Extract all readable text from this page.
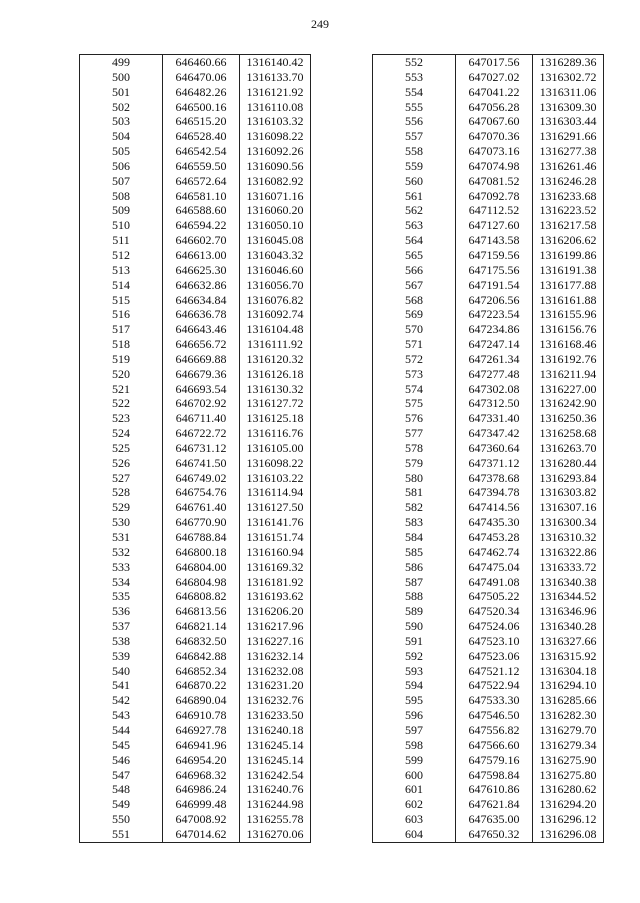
249
499	646460.66	1316140.42
500	646470.06	1316133.70
501	646482.26	1316121.92
502	646500.16	1316110.08
503	646515.20	1316103.32
504	646528.40	1316098.22
505	646542.54	1316092.26
506	646559.50	1316090.56
507	646572.64	1316082.92
508	646581.10	1316071.16
509	646588.60	1316060.20
510	646594.22	1316050.10
511	646602.70	1316045.08
512	646613.00	1316043.32
513	646625.30	1316046.60
514	646632.86	1316056.70
515	646634.84	1316076.82
516	646636.78	1316092.74
517	646643.46	1316104.48
518	646656.72	1316111.92
519	646669.88	1316120.32
520	646679.36	1316126.18
521	646693.54	1316130.32
522	646702.92	1316127.72
523	646711.40	1316125.18
524	646722.72	1316116.76
525	646731.12	1316105.00
526	646741.50	1316098.22
527	646749.02	1316103.22
528	646754.76	1316114.94
529	646761.40	1316127.50
530	646770.90	1316141.76
531	646788.84	1316151.74
532	646800.18	1316160.94
533	646804.00	1316169.32
534	646804.98	1316181.92
535	646808.82	1316193.62
536	646813.56	1316206.20
537	646821.14	1316217.96
538	646832.50	1316227.16
539	646842.88	1316232.14
540	646852.34	1316232.08
541	646870.22	1316231.20
542	646890.04	1316232.76
543	646910.78	1316233.50
544	646927.78	1316240.18
545	646941.96	1316245.14
546	646954.20	1316245.14
547	646968.32	1316242.54
548	646986.24	1316240.76
549	646999.48	1316244.98
550	647008.92	1316255.78
551	647014.62	1316270.06
552	647017.56	1316289.36
553	647027.02	1316302.72
554	647041.22	1316311.06
555	647056.28	1316309.30
556	647067.60	1316303.44
557	647070.36	1316291.66
558	647073.16	1316277.38
559	647074.98	1316261.46
560	647081.52	1316246.28
561	647092.78	1316233.68
562	647112.52	1316223.52
563	647127.60	1316217.58
564	647143.58	1316206.62
565	647159.56	1316199.86
566	647175.56	1316191.38
567	647191.54	1316177.88
568	647206.56	1316161.88
569	647223.54	1316155.96
570	647234.86	1316156.76
571	647247.14	1316168.46
572	647261.34	1316192.76
573	647277.48	1316211.94
574	647302.08	1316227.00
575	647312.50	1316242.90
576	647331.40	1316250.36
577	647347.42	1316258.68
578	647360.64	1316263.70
579	647371.12	1316280.44
580	647378.68	1316293.84
581	647394.78	1316303.82
582	647414.56	1316307.16
583	647435.30	1316300.34
584	647453.28	1316310.32
585	647462.74	1316322.86
586	647475.04	1316333.72
587	647491.08	1316340.38
588	647505.22	1316344.52
589	647520.34	1316346.96
590	647524.06	1316340.28
591	647523.10	1316327.66
592	647523.06	1316315.92
593	647521.12	1316304.18
594	647522.94	1316294.10
595	647533.30	1316285.66
596	647546.50	1316282.30
597	647556.82	1316279.70
598	647566.60	1316279.34
599	647579.16	1316275.90
600	647598.84	1316275.80
601	647610.86	1316280.62
602	647621.84	1316294.20
603	647635.00	1316296.12
604	647650.32	1316296.08
